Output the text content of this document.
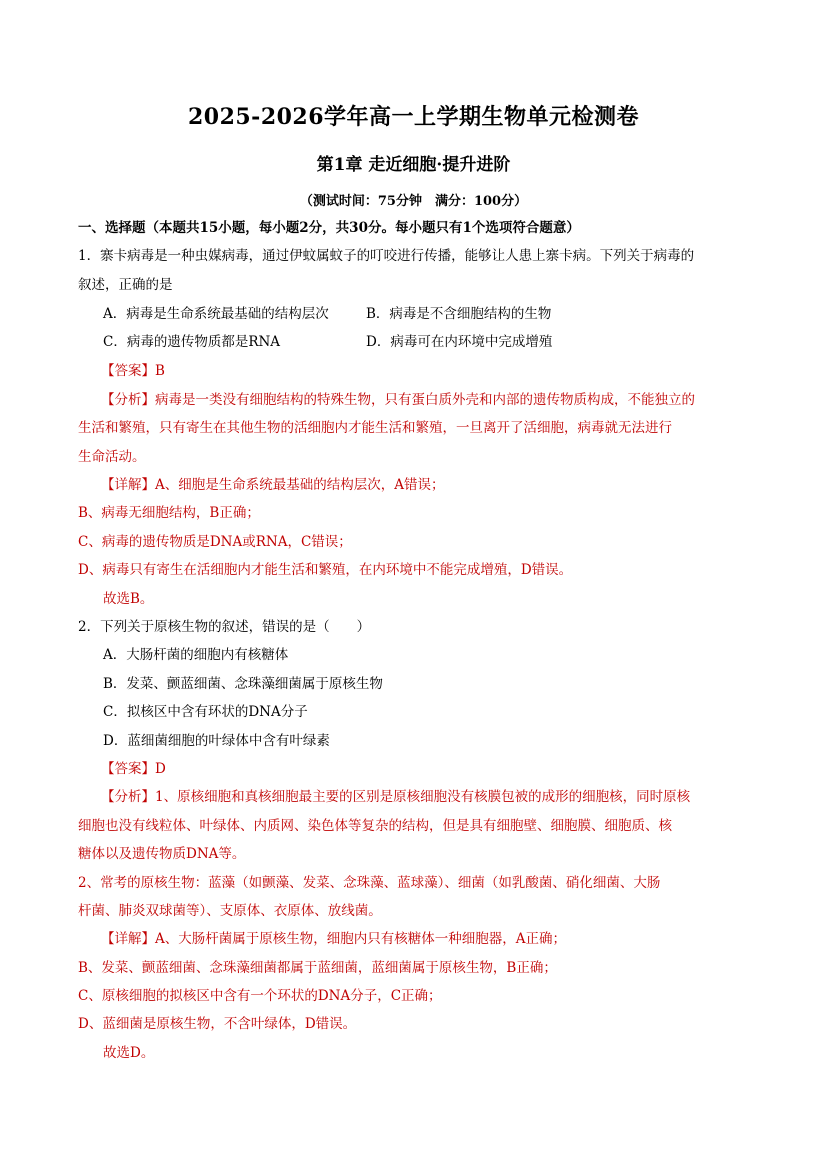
2025-2026学年高一上学期生物单元检测卷
第1章 走近细胞·提升进阶
（测试时间：75分钟　满分：100分）
一、选择题（本题共15小题，每小题2分，共30分。每小题只有1个选项符合题意）
1．寨卡病毒是一种虫媒病毒，通过伊蚊属蚊子的叮咬进行传播，能够让人患上寨卡病。下列关于病毒的
叙述，正确的是
A．病毒是生命系统最基础的结构层次	B．病毒是不含细胞结构的生物
C．病毒的遗传物质都是RNA	D．病毒可在内环境中完成增殖
【答案】B
【分析】病毒是一类没有细胞结构的特殊生物，只有蛋白质外壳和内部的遗传物质构成，不能独立的
生活和繁殖，只有寄生在其他生物的活细胞内才能生活和繁殖，一旦离开了活细胞，病毒就无法进行
生命活动。
【详解】A、细胞是生命系统最基础的结构层次，A错误；
B、病毒无细胞结构，B正确；
C、病毒的遗传物质是DNA或RNA，C错误；
D、病毒只有寄生在活细胞内才能生活和繁殖，在内环境中不能完成增殖，D错误。
故选B。
2．下列关于原核生物的叙述，错误的是（　　）
A．大肠杆菌的细胞内有核糖体
B．发菜、颤蓝细菌、念珠藻细菌属于原核生物
C．拟核区中含有环状的DNA分子
D．蓝细菌细胞的叶绿体中含有叶绿素
【答案】D
【分析】1、原核细胞和真核细胞最主要的区别是原核细胞没有核膜包被的成形的细胞核，同时原核
细胞也没有线粒体、叶绿体、内质网、染色体等复杂的结构，但是具有细胞壁、细胞膜、细胞质、核
糖体以及遗传物质DNA等。
2、常考的原核生物：蓝藻（如颤藻、发菜、念珠藻、蓝球藻）、细菌（如乳酸菌、硝化细菌、大肠
杆菌、肺炎双球菌等）、支原体、衣原体、放线菌。
【详解】A、大肠杆菌属于原核生物，细胞内只有核糖体一种细胞器，A正确；
B、发菜、颤蓝细菌、念珠藻细菌都属于蓝细菌，蓝细菌属于原核生物，B正确；
C、原核细胞的拟核区中含有一个环状的DNA分子，C正确；
D、蓝细菌是原核生物，不含叶绿体，D错误。
故选D。
